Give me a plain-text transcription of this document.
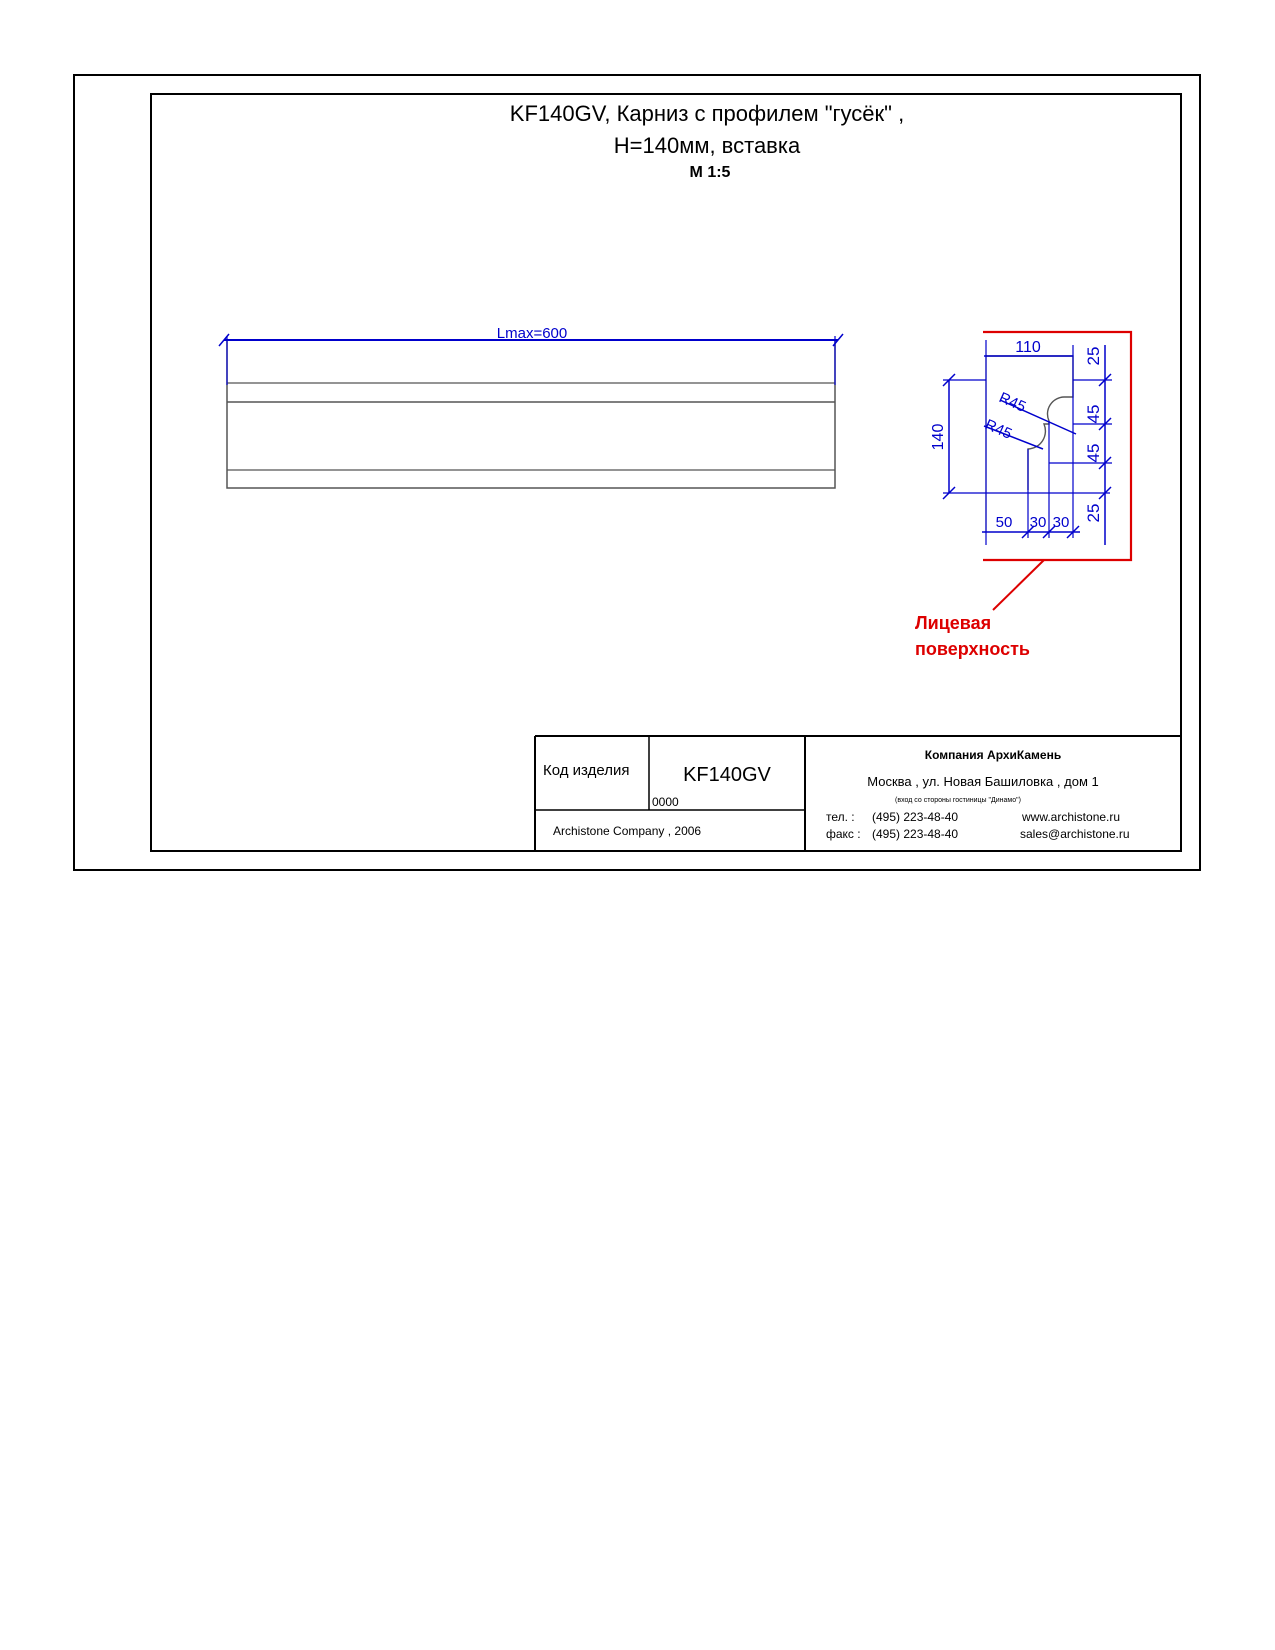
KF140GV, Карниз с профилем "гусёк" ,
H=140мм, вставка
М 1:5
Lmax=600
110
140
R45
R45
25
45
45
25
50 30 30
Лицевая
поверхность
Код изделия	KF140GV
0000
Archistone Company , 2006
Компания АрхиКамень
Москва , ул. Новая Башиловка , дом 1
(вход со стороны гостиницы "Динамо")
тел. : (495) 223-48-40
факс : (495) 223-48-40
www.archistone.ru
sales@archistone.ru
